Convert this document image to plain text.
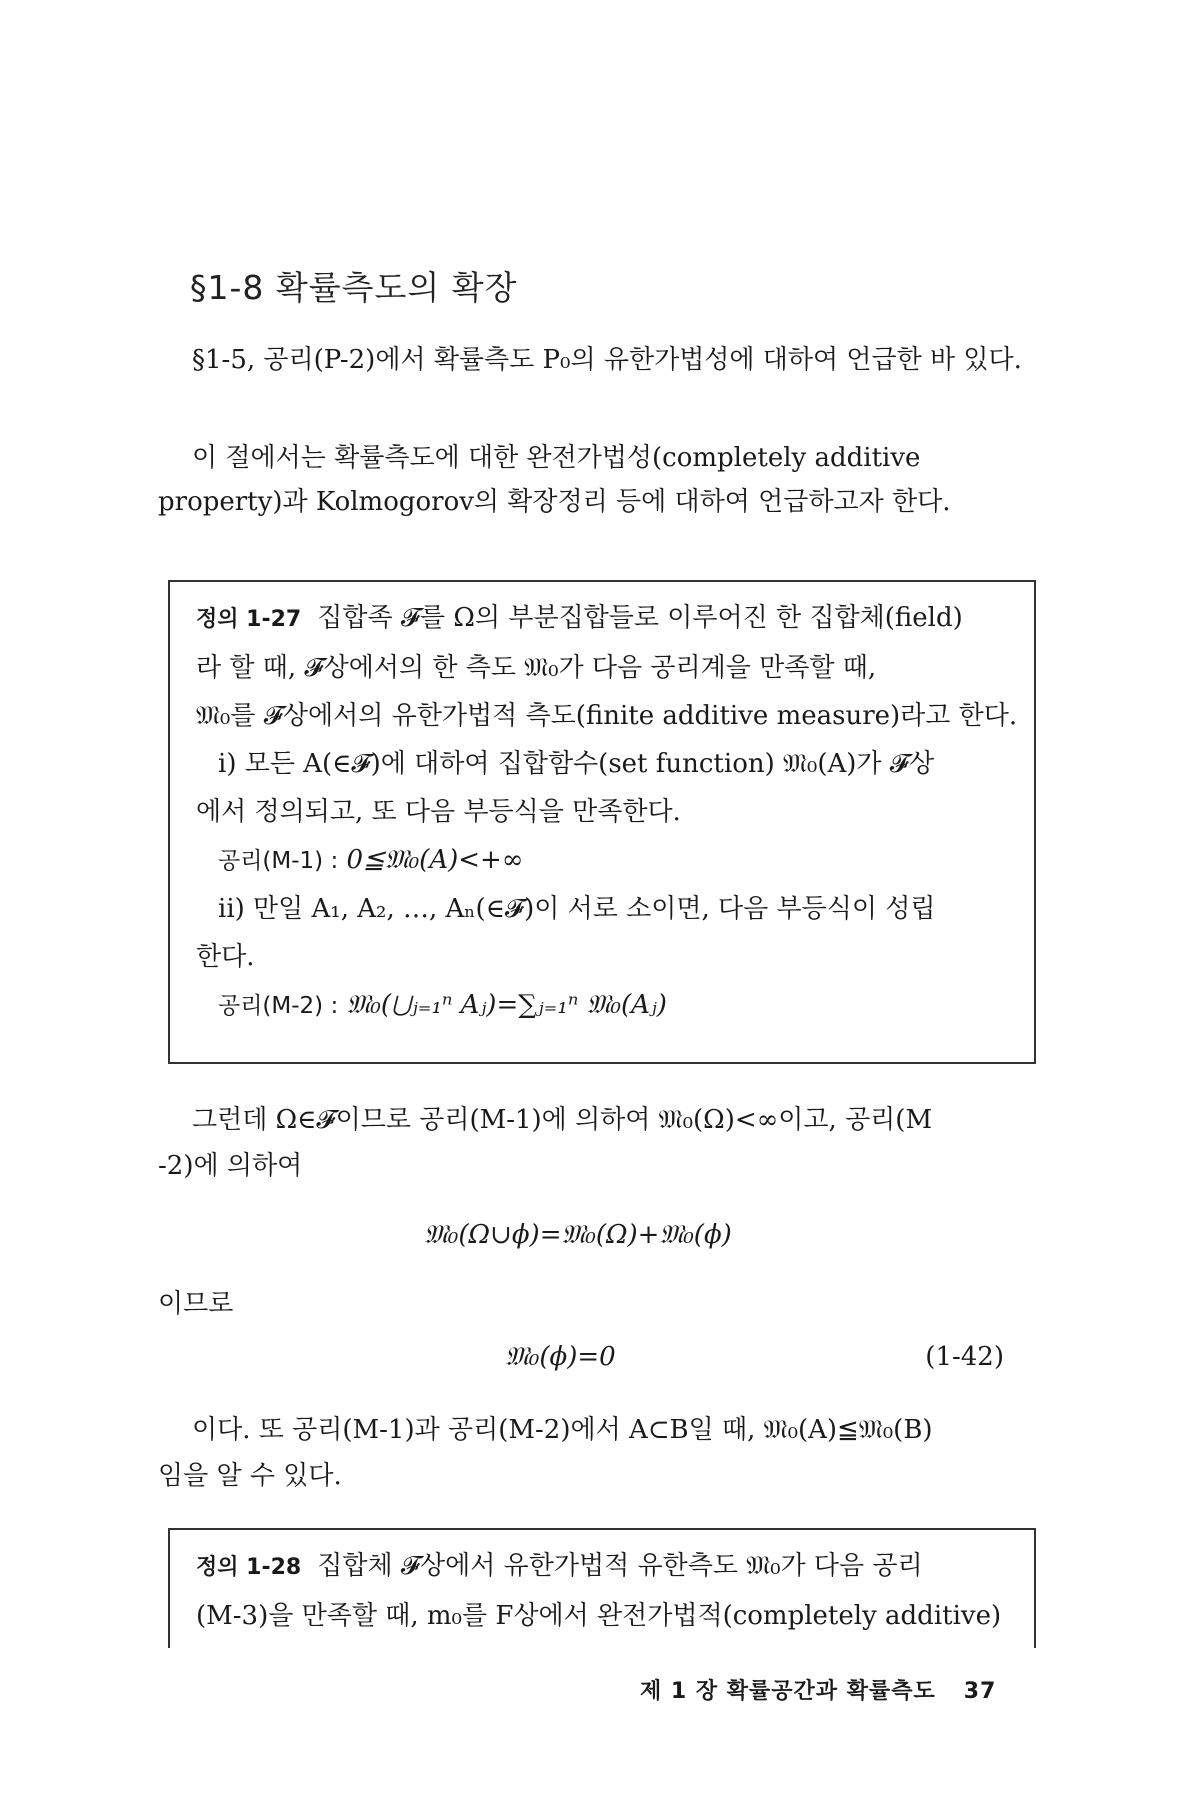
§1-8 확률측도의 확장

§1-5, 공리(P-2)에서 확률측도 P₀의 유한가법성에 대하여 언급한 바 있다.

이 절에서는 확률측도에 대한 완전가법성(completely additive property)과 Kolmogorov의 확장정리 등에 대하여 언급하고자 한다.

정의 1-27 집합족 𝓕를 Ω의 부분집합들로 이루어진 한 집합체(field)
라 할 때, 𝓕상에서의 한 측도 𝔐₀가 다음 공리계을 만족할 때,
𝔐₀를 𝓕상에서의 유한가법적 측도(finite additive measure)라고 한다.
i) 모든 A(∈𝓕)에 대하여 집합함수(set function) 𝔐₀(A)가 𝓕상
에서 정의되고, 또 다음 부등식을 만족한다.
공리(M-1) : 0≦𝔐₀(A)<+∞
ii) 만일 A₁, A₂, …, Aₙ(∈𝓕)이 서로 소이면, 다음 부등식이 성립
한다.
공리(M-2) : 𝔐₀(⋃ⱼ₌₁ⁿ Aⱼ)=∑ⱼ₌₁ⁿ 𝔐₀(Aⱼ)

그런데 Ω∈𝓕이므로 공리(M-1)에 의하여 𝔐₀(Ω)<∞이고, 공리(M

-2)에 의하여

𝔐₀(Ω∪ϕ)=𝔐₀(Ω)+𝔐₀(ϕ)

이므로

𝔐₀(ϕ)=0	(1-42)

이다. 또 공리(M-1)과 공리(M-2)에서 A⊂B일 때, 𝔐₀(A)≦𝔐₀(B)

임을 알 수 있다.

정의 1-28 집합체 𝓕상에서 유한가법적 유한측도 𝔐₀가 다음 공리
(M-3)을 만족할 때, m₀를 F상에서 완전가법적(completely additive)
제 1 장 확률공간과 확률측도 37
